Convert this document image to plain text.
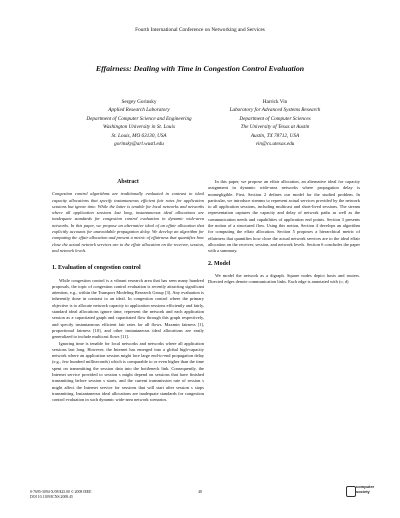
Fourth International Conference on Networking and Services
Effairness: Dealing with Time in Congestion Control Evaluation
Sergey Gorinsky
Applied Research Laboratory
Department of Computer Science and Engineering
Washington University in St. Louis
St. Louis, MO 63130, USA
gorinsky@arl.wustl.edu
Harrick Vin
Laboratory for Advanced Systems Research
Department of Computer Sciences
The University of Texas at Austin
Austin, TX 78712, USA
vin@cs.utexas.edu
Abstract

Congestion control algorithms are traditionally evaluated in contrast to ideal capacity allocations that specify instantaneous efficient fair rates for application sessions but ignore time. While the latter is tenable for local networks and networks where all application sessions last long, instantaneous ideal allocations are inadequate standards for congestion control evaluation in dynamic wide-area networks. In this paper, we propose an alternative ideal of an effair allocation that explicitly accounts for unavoidable propagation delay. We develop an algorithm for computing the effair allocation and present a metric of effairness that quantifies how close the actual network services are to the effair allocation on the receiver, session, and network levels.

1. Evaluation of congestion control

While congestion control is a vibrant research area that has seen many hundred proposals, the topic of congestion control evaluation is recently attracting significant attention, e.g., within the Transport Modeling Research Group [3]. Any evaluation is inherently done in contrast to an ideal. In congestion control where the primary objective is to allocate network capacity to application sessions efficiently and fairly, standard ideal allocations ignore time, represent the network and each application session as a capacitated graph and capacitated flow through this graph respectively, and specify instantaneous efficient fair rates for all flows. Maxmin fairness [1], proportional fairness [10], and other instantaneous ideal allocations are easily generalized to include multicast flows [11].

Ignoring time is tenable for local networks and networks where all application sessions last long. However, the Internet has emerged into a global high-capacity network where an application session might face large end-to-end propagation delay (e.g., few hundred milliseconds) which is comparable to or even higher than the time spent on transmitting the session data into the bottleneck link. Consequently, the Internet service provided to session s might depend on sessions that have finished transmitting before session s starts, and the current transmission rate of session s might affect the Internet service for sessions that will start after session s stops transmitting. Instantaneous ideal allocations are inadequate standards for congestion control evaluation in such dynamic wide-area network scenarios.

In this paper, we propose an effair allocation, an alternative ideal for capacity assignment in dynamic wide-area networks where propagation delay is nonnegligible. First, Section 2 defines our model for the studied problem. In particular, we introduce streams to represent actual services provided by the network to all application sessions, including multicast and short-lived sessions. The stream representation captures the capacity and delay of network paths as well as the communication needs and capabilities of application end points. Section 3 presents the notion of a structured flow. Using this notion, Section 4 develops an algorithm for computing the effair allocation. Section 5 proposes a hierarchical metric of effairness that quantifies how close the actual network services are to the ideal effair allocation on the receiver, session, and network levels. Section 6 concludes the paper with a summary.

2. Model

We model the network as a digraph. Square nodes depict hosts and routers. Directed edges denote communication links. Each edge is annotated with (c; d)

0-7695-3094-X/08 $25.00 © 2008 IEEE
DOI 10.1109/ICNS.2008.45
48
computer
society
